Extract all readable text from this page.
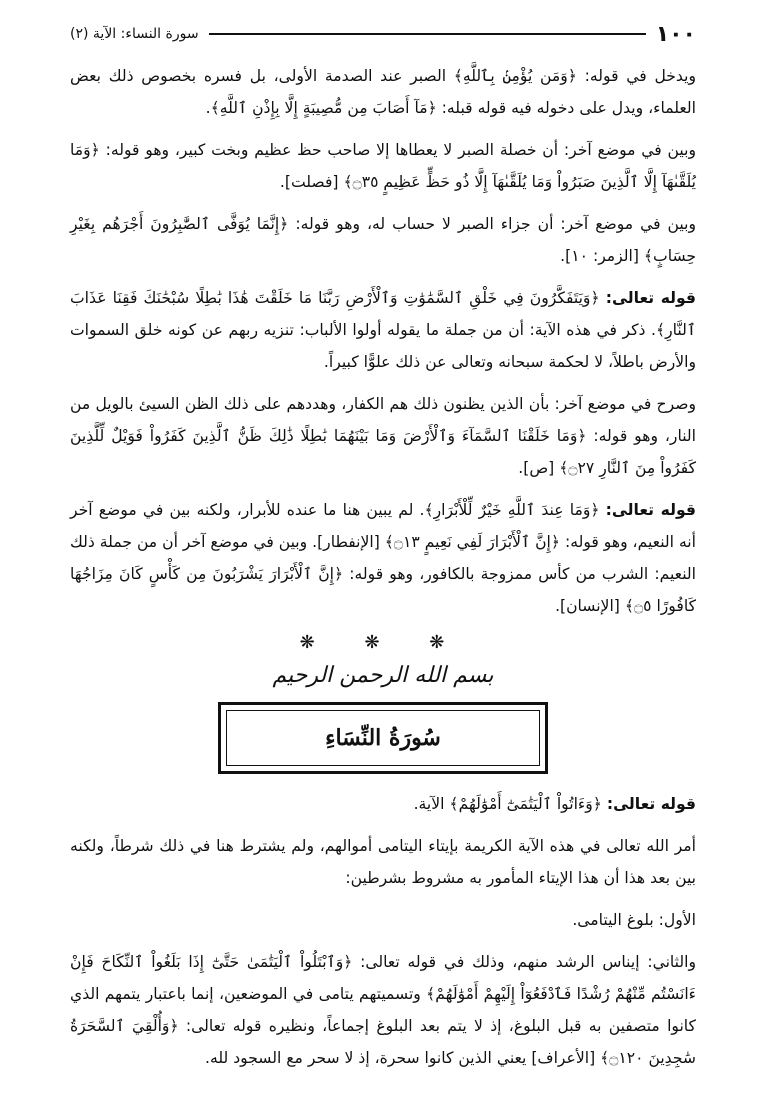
١٠٠
سورة النساء: الآية (٢)

ويدخل في قوله: ﴿وَمَن يُؤْمِنۢ بِٱللَّهِ﴾ الصبر عند الصدمة الأولى، بل فسره بخصوص ذلك بعض العلماء، ويدل على دخوله فيه قوله قبله: ﴿مَآ أَصَابَ مِن مُّصِيبَةٍ إِلَّا بِإِذْنِ ٱللَّهِ﴾.

وبين في موضع آخر: أن خصلة الصبر لا يعطاها إلا صاحب حظ عظيم وبخت كبير، وهو قوله: ﴿وَمَا يُلَقَّىٰهَآ إِلَّا ٱلَّذِينَ صَبَرُواْ وَمَا يُلَقَّىٰهَآ إِلَّا ذُو حَظٍّ عَظِيمٍ ۝٣٥﴾ [فصلت].

وبين في موضع آخر: أن جزاء الصبر لا حساب له، وهو قوله: ﴿إِنَّمَا يُوَفَّى ٱلصَّٰبِرُونَ أَجْرَهُم بِغَيْرِ حِسَابٍ﴾ [الزمر: ١٠].

قوله تعالى: ﴿وَيَتَفَكَّرُونَ فِي خَلْقِ ٱلسَّمَٰوَٰتِ وَٱلْأَرْضِ رَبَّنَا مَا خَلَقْتَ هَٰذَا بَٰطِلًا سُبْحَٰنَكَ فَقِنَا عَذَابَ ٱلنَّارِ﴾. ذكر في هذه الآية: أن من جملة ما يقوله أولوا الألباب: تنزيه ربهم عن كونه خلق السموات والأرض باطلاً، لا لحكمة سبحانه وتعالى عن ذلك علوًّا كبيراً.

وصرح في موضع آخر: بأن الذين يظنون ذلك هم الكفار، وهددهم على ذلك الظن السيئ بالويل من النار، وهو قوله: ﴿وَمَا خَلَقْنَا ٱلسَّمَآءَ وَٱلْأَرْضَ وَمَا بَيْنَهُمَا بَٰطِلًا ذَٰلِكَ ظَنُّ ٱلَّذِينَ كَفَرُواْ فَوَيْلٌ لِّلَّذِينَ كَفَرُواْ مِنَ ٱلنَّارِ ۝٢٧﴾ [ص].

قوله تعالى: ﴿وَمَا عِندَ ٱللَّهِ خَيْرٌ لِّلْأَبْرَارِ﴾. لم يبين هنا ما عنده للأبرار، ولكنه بين في موضع آخر أنه النعيم، وهو قوله: ﴿إِنَّ ٱلْأَبْرَارَ لَفِي نَعِيمٍ ۝١٣﴾ [الإنفطار]. وبين في موضع آخر أن من جملة ذلك النعيم: الشرب من كأس ممزوجة بالكافور، وهو قوله: ﴿إِنَّ ٱلْأَبْرَارَ يَشْرَبُونَ مِن كَأْسٍ كَانَ مِزَاجُهَا كَافُورًا ۝٥﴾ [الإنسان].

❋ ❋ ❋
بسم الله الرحمن الرحيم
سُورَةُ النِّسَاءِ

قوله تعالى: ﴿وَءَاتُواْ ٱلْيَتَٰمَىٰٓ أَمْوَٰلَهُمْ﴾ الآية.

أمر الله تعالى في هذه الآية الكريمة بإيتاء اليتامى أموالهم، ولم يشترط هنا في ذلك شرطاً، ولكنه بين بعد هذا أن هذا الإيتاء المأمور به مشروط بشرطين:

الأول: بلوغ اليتامى.

والثاني: إيناس الرشد منهم، وذلك في قوله تعالى: ﴿وَٱبْتَلُواْ ٱلْيَتَٰمَىٰ حَتَّىٰٓ إِذَا بَلَغُواْ ٱلنِّكَاحَ فَإِنْ ءَانَسْتُم مِّنْهُمْ رُشْدًا فَٱدْفَعُوٓاْ إِلَيْهِمْ أَمْوَٰلَهُمْ﴾ وتسميتهم يتامى في الموضعين، إنما باعتبار يتمهم الذي كانوا متصفين به قبل البلوغ، إذ لا يتم بعد البلوغ إجماعاً، ونظيره قوله تعالى: ﴿وَأُلْقِيَ ٱلسَّحَرَةُ سَٰجِدِينَ ۝١٢٠﴾ [الأعراف] يعني الذين كانوا سحرة، إذ لا سحر مع السجود لله.
